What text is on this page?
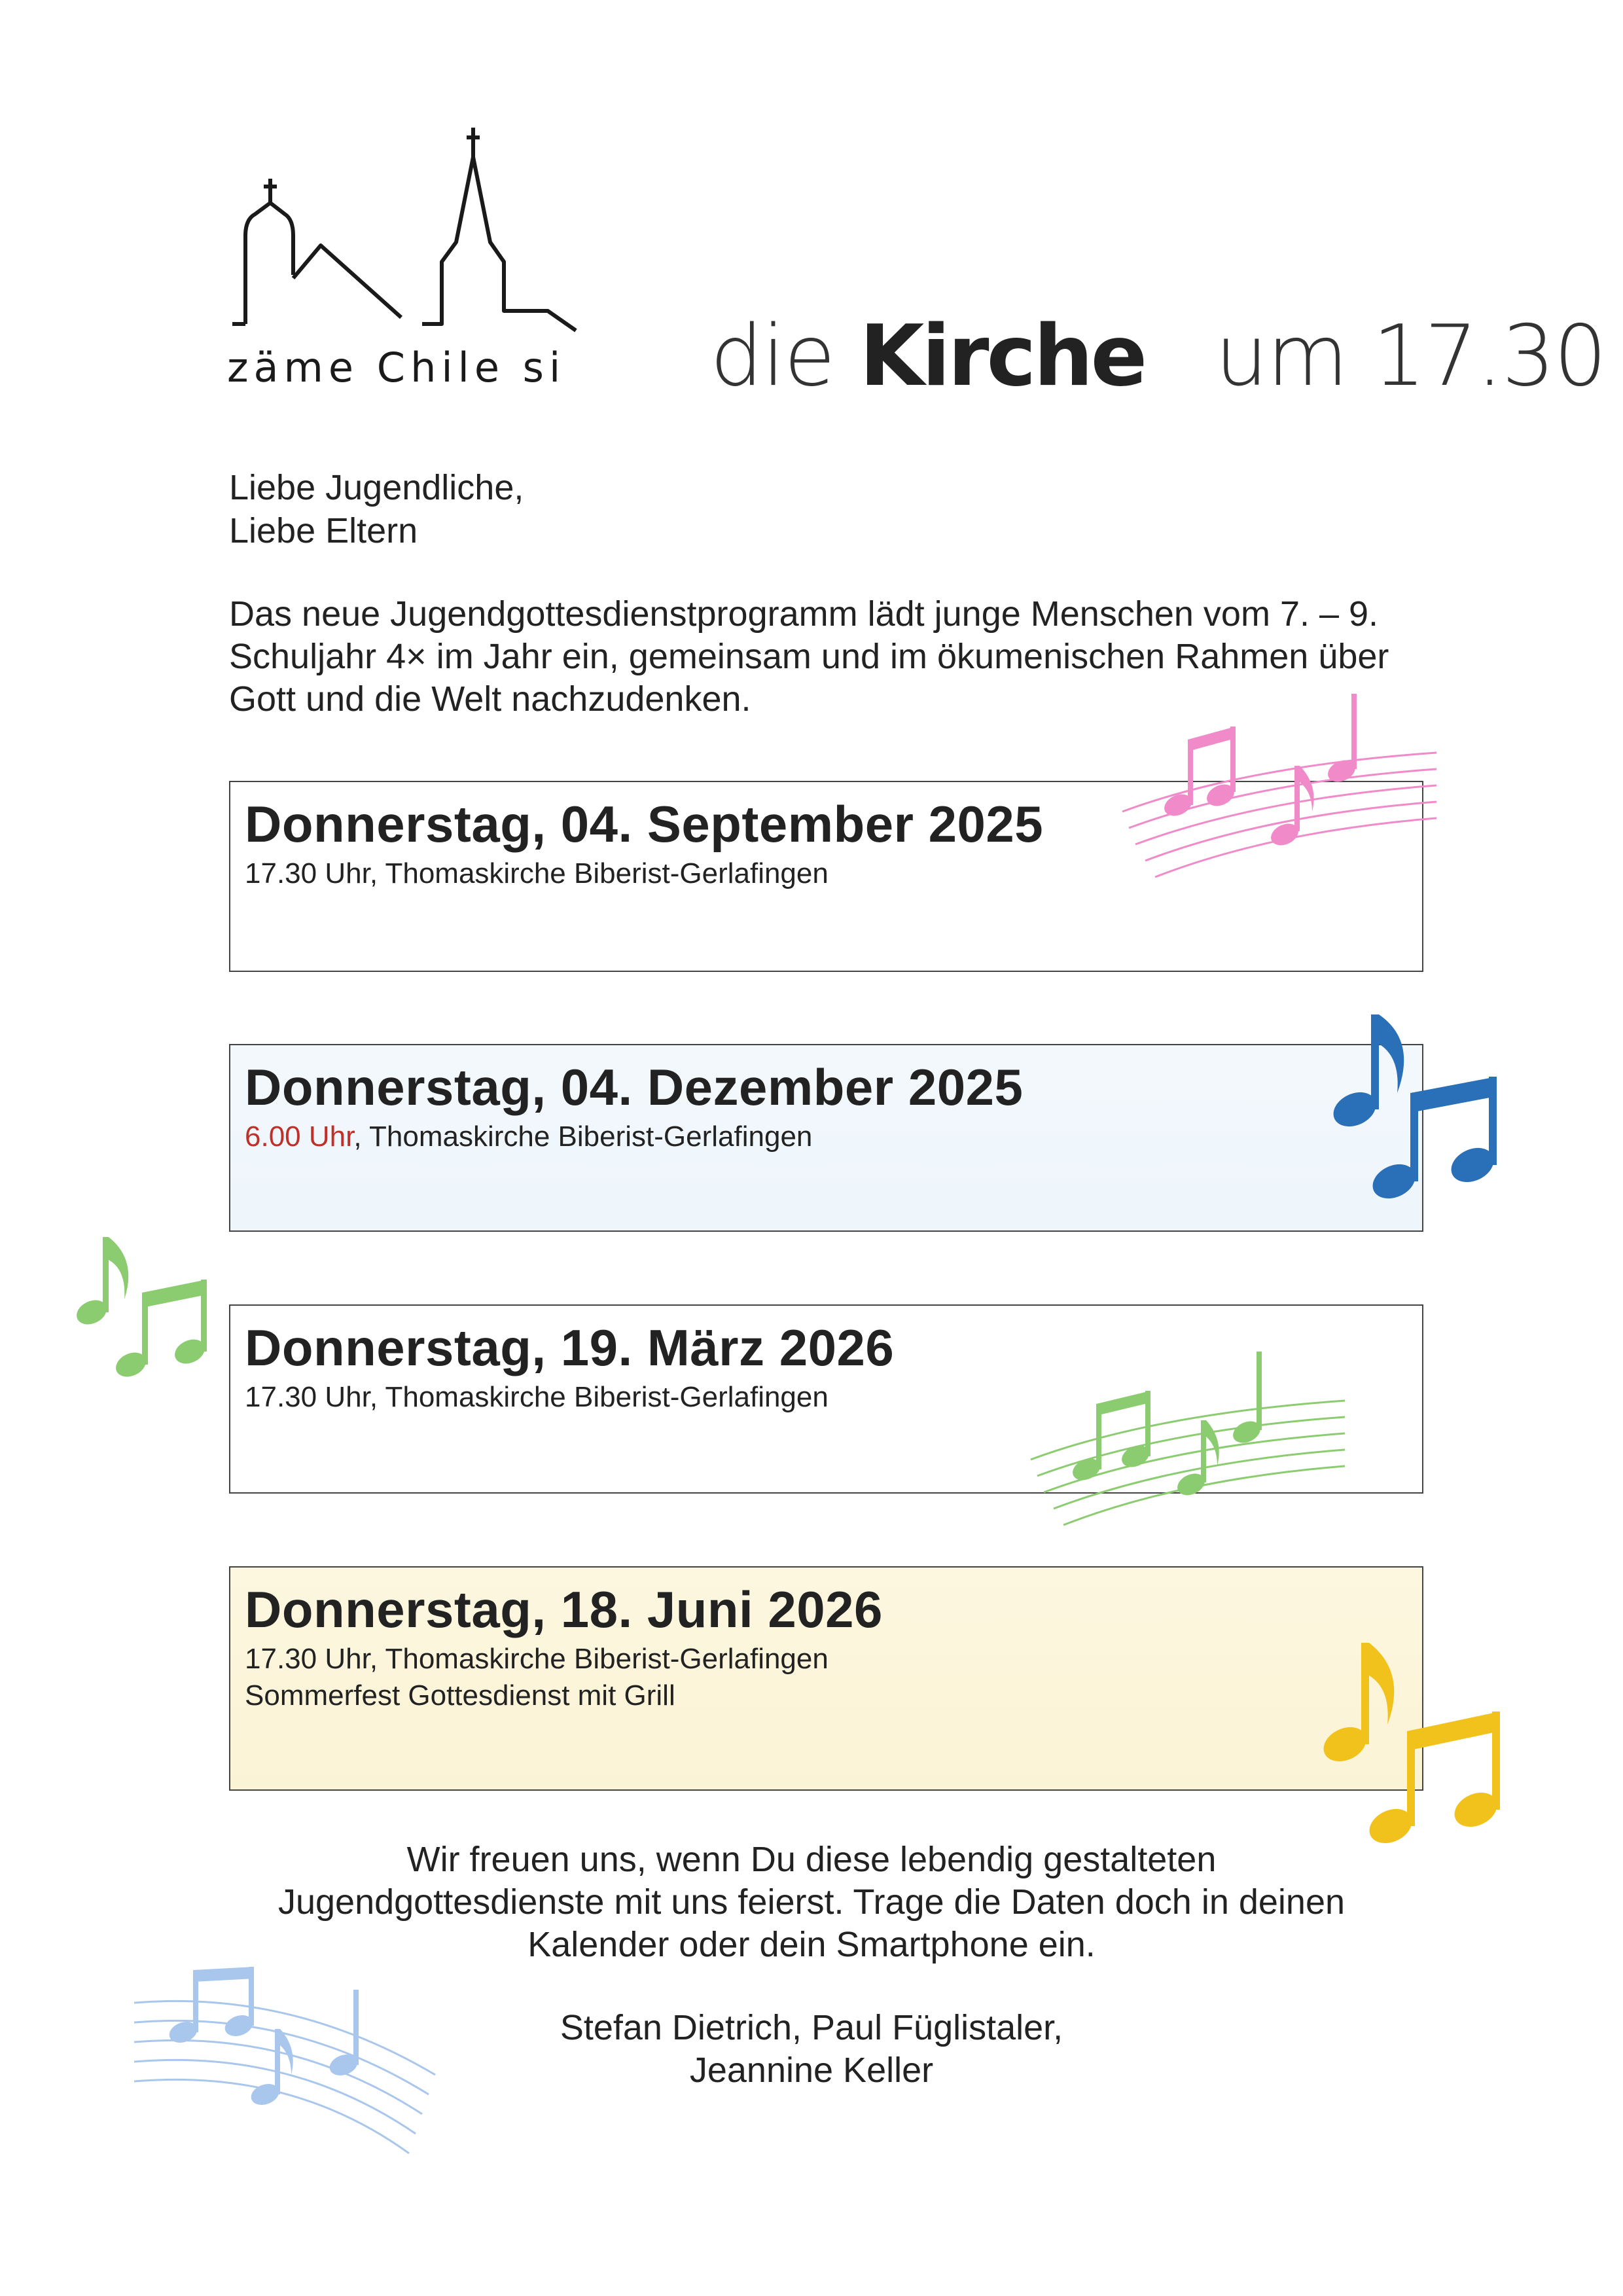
zäme Chile si die Kirche um 17.30
Liebe Jugendliche,
Liebe Eltern
Das neue Jugendgottesdienstprogramm lädt junge Menschen vom 7. – 9.
Schuljahr 4× im Jahr ein, gemeinsam und im ökumenischen Rahmen über
Gott und die Welt nachzudenken.
Donnerstag, 04. September 2025
17.30 Uhr, Thomaskirche Biberist-Gerlafingen
Donnerstag, 04. Dezember 2025
6.00 Uhr, Thomaskirche Biberist-Gerlafingen
Donnerstag, 19. März 2026
17.30 Uhr, Thomaskirche Biberist-Gerlafingen
Donnerstag, 18. Juni 2026
17.30 Uhr, Thomaskirche Biberist-Gerlafingen
Sommerfest Gottesdienst mit Grill
Wir freuen uns, wenn Du diese lebendig gestalteten
Jugendgottesdienste mit uns feierst. Trage die Daten doch in deinen
Kalender oder dein Smartphone ein.
Stefan Dietrich, Paul Füglistaler,
Jeannine Keller
